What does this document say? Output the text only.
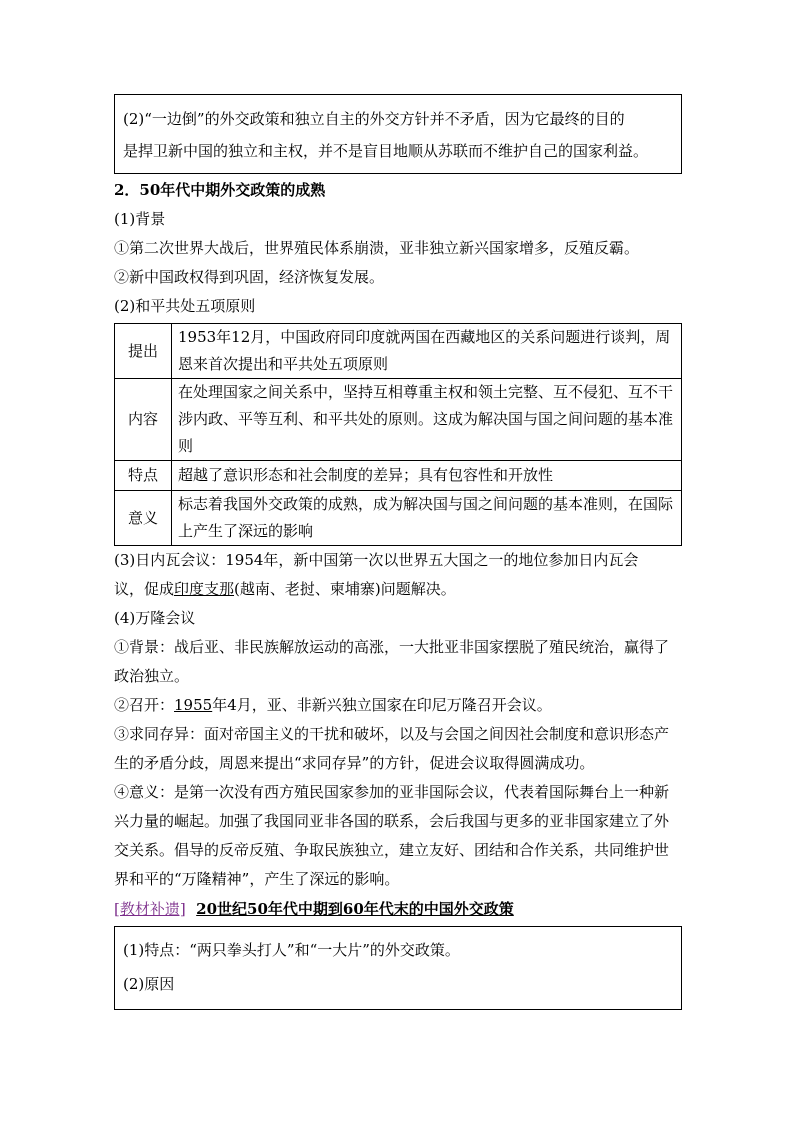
(2)“一边倒”的外交政策和独立自主的外交方针并不矛盾，因为它最终的目的
是捍卫新中国的独立和主权，并不是盲目地顺从苏联而不维护自己的国家利益。

2．50年代中期外交政策的成熟

(1)背景

①第二次世界大战后，世界殖民体系崩溃，亚非独立新兴国家增多，反殖反霸。

②新中国政权得到巩固，经济恢复发展。

(2)和平共处五项原则

提出	1953年12月，中国政府同印度就两国在西藏地区的关系问题进行谈判，周恩来首次提出和平共处五项原则
内容	在处理国家之间关系中，坚持互相尊重主权和领土完整、互不侵犯、互不干涉内政、平等互利、和平共处的原则。这成为解决国与国之间问题的基本准则
特点	超越了意识形态和社会制度的差异；具有包容性和开放性
意义	标志着我国外交政策的成熟，成为解决国与国之间问题的基本准则，在国际上产生了深远的影响

(3)日内瓦会议：1954年，新中国第一次以世界五大国之一的地位参加日内瓦会

议，促成印度支那(越南、老挝、柬埔寨)问题解决。

(4)万隆会议

①背景：战后亚、非民族解放运动的高涨，一大批亚非国家摆脱了殖民统治，赢得了政治独立。

②召开：1955年4月，亚、非新兴独立国家在印尼万隆召开会议。

③求同存异：面对帝国主义的干扰和破坏，以及与会国之间因社会制度和意识形态产生的矛盾分歧，周恩来提出“求同存异”的方针，促进会议取得圆满成功。

④意义：是第一次没有西方殖民国家参加的亚非国际会议，代表着国际舞台上一种新兴力量的崛起。加强了我国同亚非各国的联系，会后我国与更多的亚非国家建立了外交关系。倡导的反帝反殖、争取民族独立，建立友好、团结和合作关系，共同维护世界和平的“万隆精神”，产生了深远的影响。

[教材补遗] 20世纪50年代中期到60年代末的中国外交政策
(1)特点：“两只拳头打人”和“一大片”的外交政策。
(2)原因
